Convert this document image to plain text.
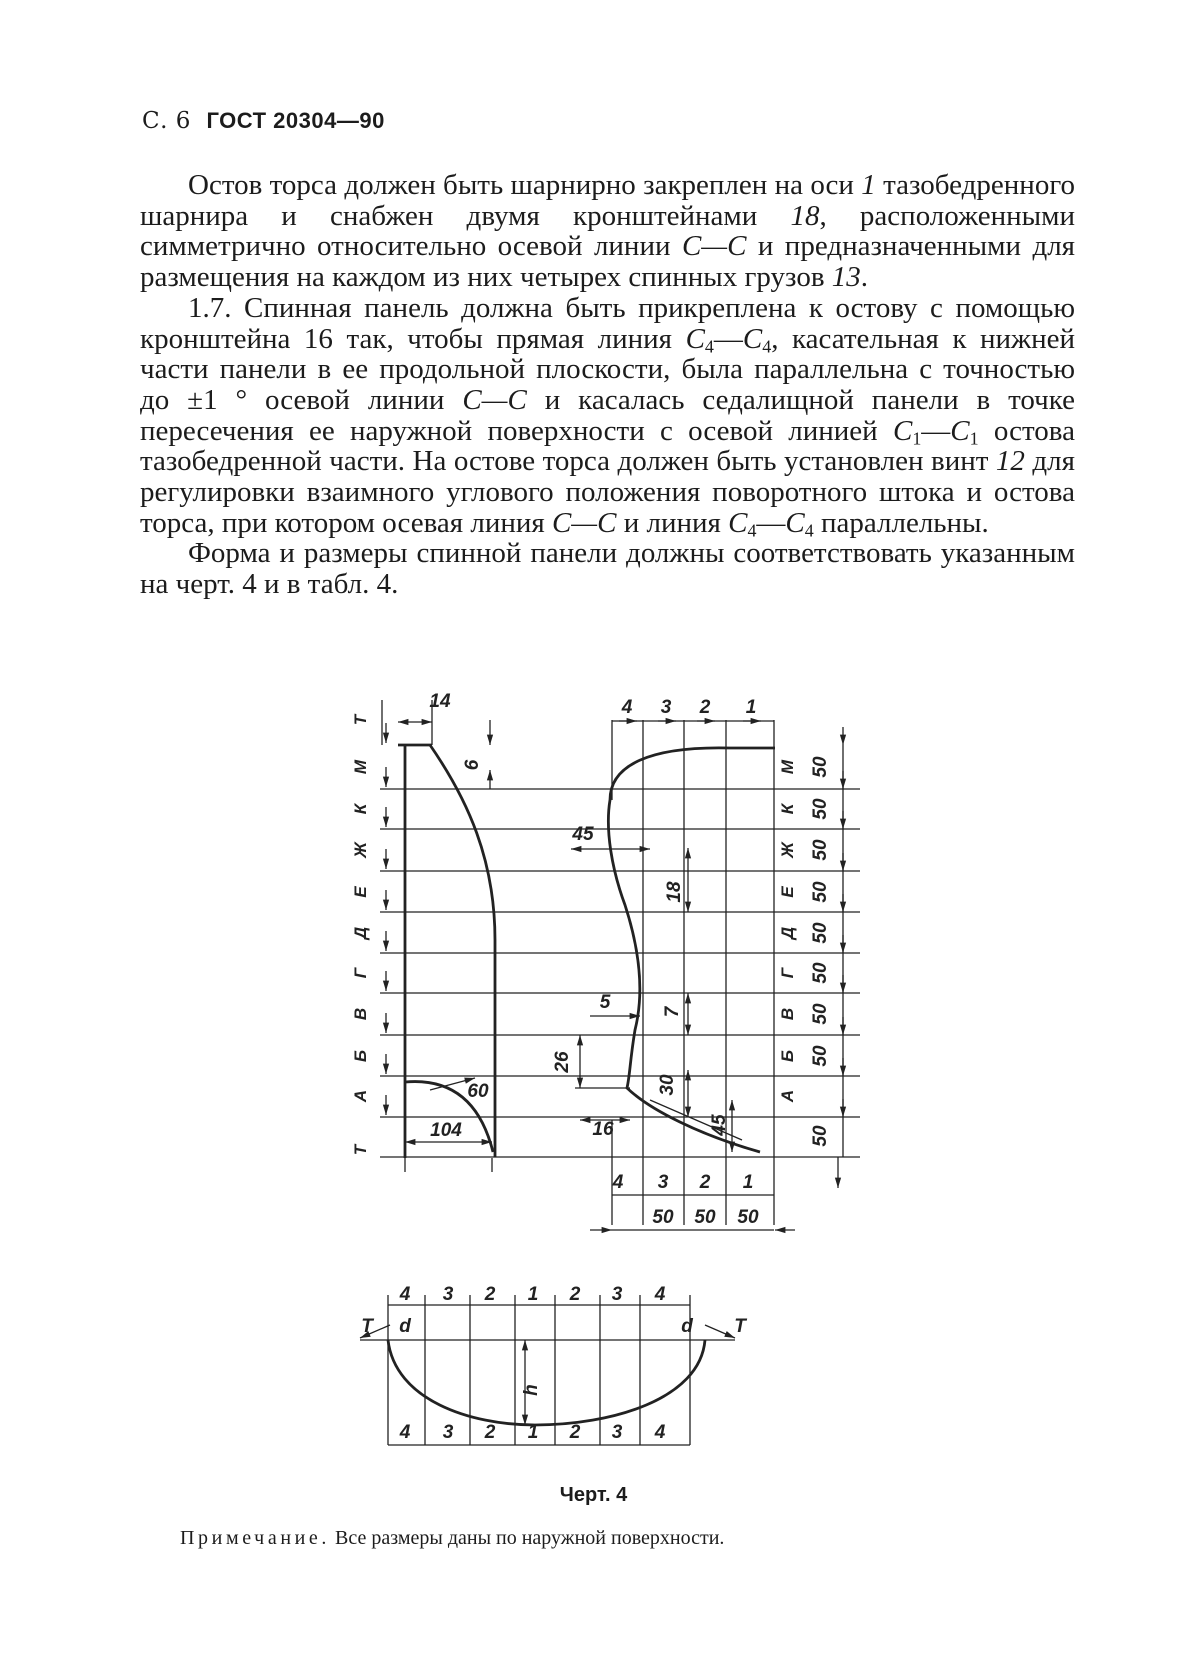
С. 6 ГОСТ 20304—90

Остов торса должен быть шарнирно закреплен на оси 1 тазобедренного шарнира и снабжен двумя кронштейнами 18, расположенными симметрично относительно осевой линии С—С и предназначенными для размещения на каждом из них четырех спинных грузов 13.

1.7. Спинная панель должна быть прикреплена к остову с помощью кронштейна 16 так, чтобы прямая линия $С_4—С_4$, касательная к нижней части панели в ее продольной плоскости, была параллельна с точностью до ±1 ° осевой линии С—С и касалась седалищной панели в точке пересечения ее наружной поверхности с осевой линией $С_1—С_1$ остова тазобедренной части. На остове торса должен быть установлен винт 12 для регулировки взаимного углового положения поворотного штока и остова торса, при котором осевая линия С—С и линия $С_4—С_4$ параллельны.

Форма и размеры спинной панели должны соответствовать указанным на черт. 4 и в табл. 4.

Т
М
К
Ж
Е
Д
Г
В
Б
А
Т
М
К
Ж
Е
Д
Г
В
Б
А
50
50
50
50
50
50
50
50
50
14
6
60
104
4 3 2 1
45
18
5	7
26
30
16	45
4 3 2 1
50 50 50
4 3 2 1 2 3 4
4 3 2 1 2 3 4
Т	Т
d	d
h
Черт. 4
Примечание. Все размеры даны по наружной поверхности.
